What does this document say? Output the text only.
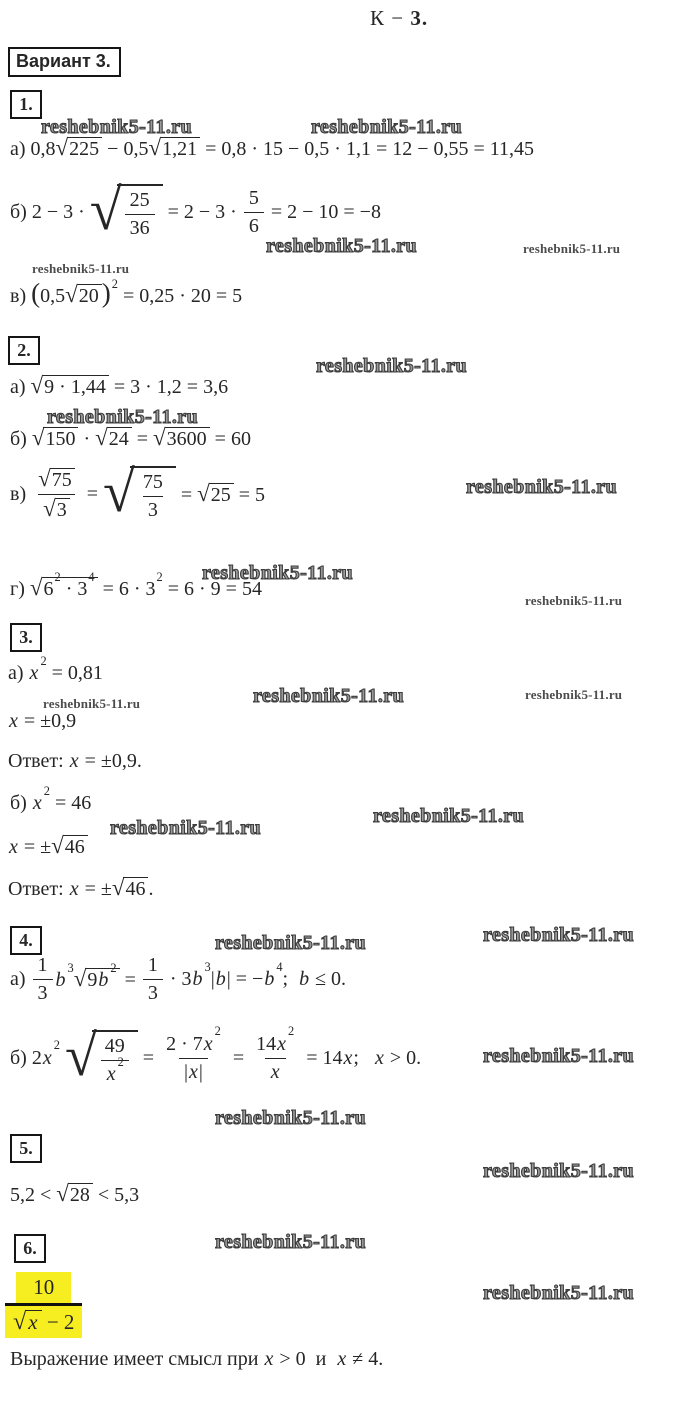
К − 3.
Вариант 3.
1.
2.
3.
4.
5.
6.
reshebnik5-11.ru	reshebnik5-11.ru
reshebnik5-11.ru
reshebnik5-11.ru
reshebnik5-11.ru
reshebnik5-11.ru
reshebnik5-11.ru
reshebnik5-11.ru
reshebnik5-11.ru
reshebnik5-11.ru
reshebnik5-11.ru	reshebnik5-11.ru
reshebnik5-11.ru
reshebnik5-11.ru
reshebnik5-11.ru
reshebnik5-11.ru
reshebnik5-11.ru
reshebnik5-11.ru
reshebnik5-11.ru
reshebnik5-11.ru
reshebnik5-11.ru
reshebnik5-11.ru
а) 0,8 √ 225 − 0,5 √ 1,21 = 0,8 · 15 − 0,5 · 1,1 = 12 − 0,55 = 11,45
б) 2 − 3 · √ $\frac{25}{36} = 2 - 3 \cdot \frac{5}{6} = 2 - 10 = -8$
в) (0,5 √ 20 )$^2$ = 0,25 · 20 = 5
а) √ 9 · 1,44 = 3 · 1,2 = 3,6
б) √ 150 · √ 24 = √ 3600 = 60
$в) \frac{√ 75}{√ 3}$ = √ $\frac{75}{3}$ = √ 25 = 5
г) √ $6^2 \cdot 3^4$
= $6 \cdot 3^2 = 6 \cdot 9 = 54$
а) $x^2 = 0,81$
x = ±0,9
Ответ: x = ±0,9.
б) $x^2 = 46$
x = ± √ 46
Ответ: x = ± √ 46 .
$а) \frac{1}{3} b^3$ √ $9b^2$
= $\frac{1}{3} \cdot 3b^3|b| = -b^4$;  b ≤ 0.
б) $2x^2$ √ $\frac{49}{x^2} = \frac{2 \cdot 7x^2}{|x|} = \frac{14x^2}{x} = 14x$;   x > 0.
5,2 < √ 28 < 5,3
$\frac{10}{√ x - 2}$
Выражение имеет смысл при x > 0  и  x ≠ 4.
